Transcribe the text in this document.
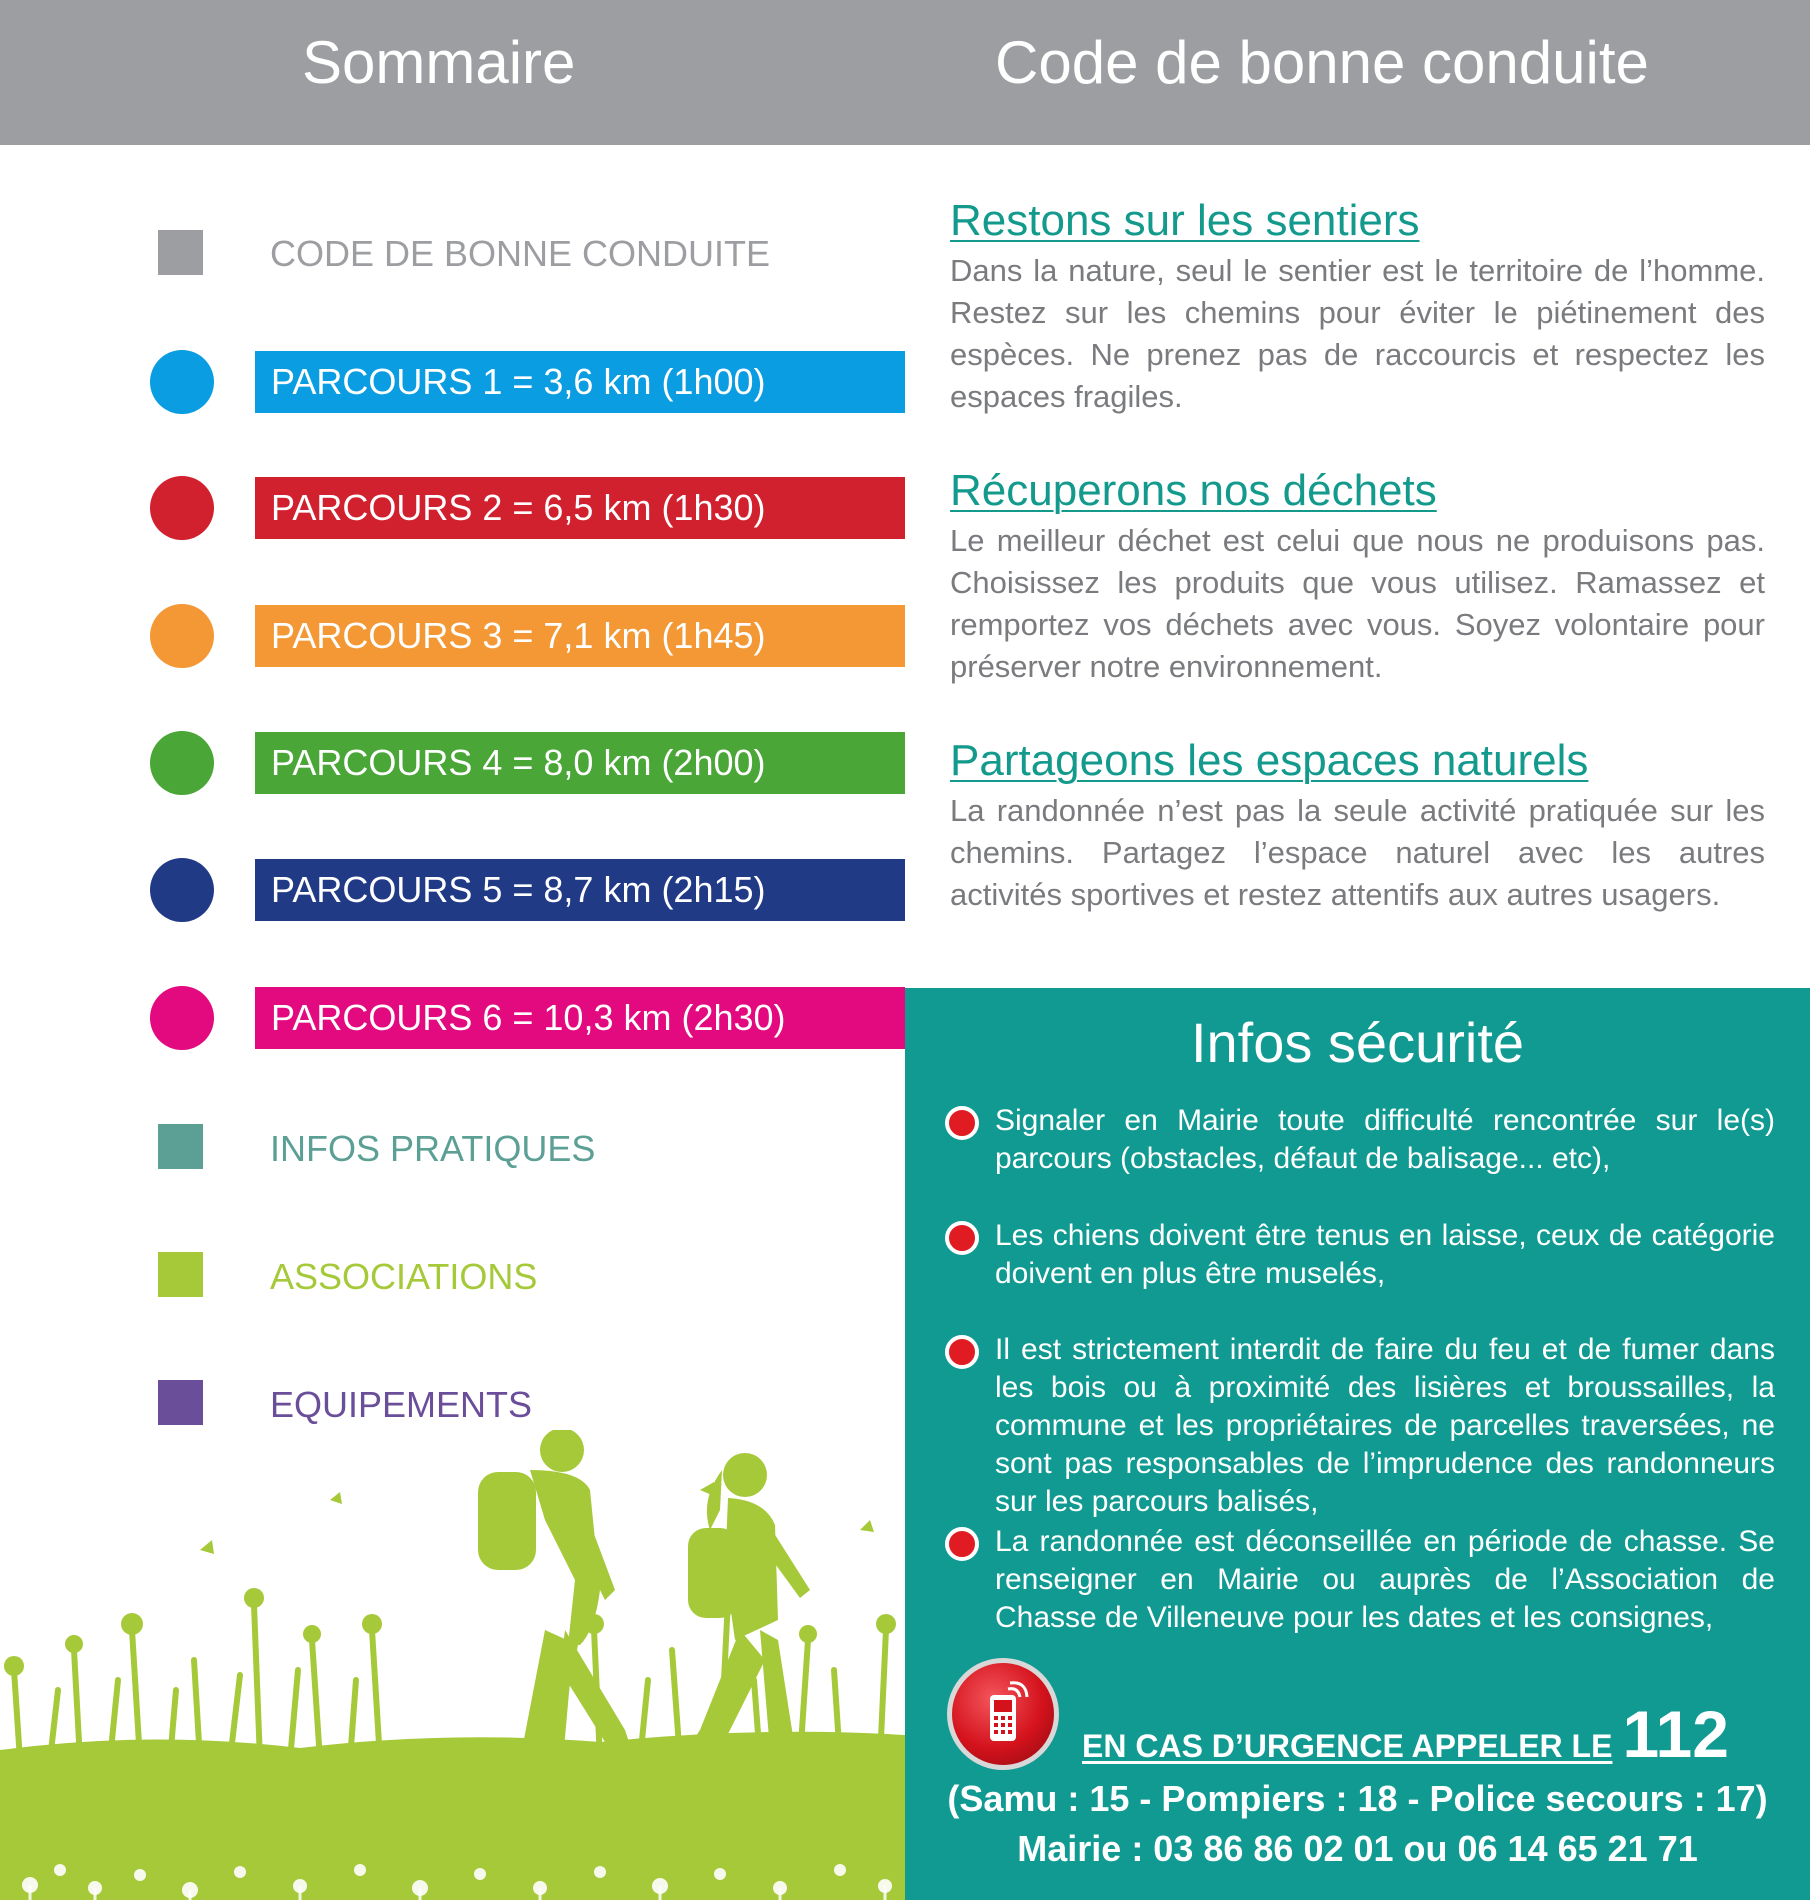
Sommaire	Code de bonne conduite
CODE DE BONNE CONDUITE
PARCOURS 1 = 3,6 km (1h00)
PARCOURS 2 = 6,5 km (1h30)
PARCOURS 3 = 7,1 km (1h45)
PARCOURS 4 = 8,0 km (2h00)
PARCOURS 5 = 8,7 km (2h15)
PARCOURS 6 = 10,3 km (2h30)
INFOS PRATIQUES
ASSOCIATIONS
EQUIPEMENTS
Restons sur les sentiers

Dans la nature, seul le sentier est le territoire de l’homme. Restez sur les chemins pour éviter le piétinement des espèces. Ne prenez pas de raccourcis et respectez les espaces fragiles.

Récuperons nos déchets

Le meilleur déchet est celui que nous ne produisons pas. Choisissez les produits que vous utilisez. Ramassez et remportez vos déchets avec vous. Soyez volontaire pour préserver notre environnement.

Partageons les espaces naturels

La randonnée n’est pas la seule activité pratiquée sur les chemins. Partagez l’espace naturel avec les autres activités sportives et restez attentifs aux autres usagers.

Infos sécurité
Signaler en Mairie toute difficulté rencontrée sur le(s) parcours (obstacles, défaut de balisage... etc),
Les chiens doivent être tenus en laisse, ceux de catégorie doivent en plus être muselés,
Il est strictement interdit de faire du feu et de fumer dans les bois ou à proximité des lisières et broussailles, la commune et les propriétaires de parcelles traversées, ne sont pas responsables de l’imprudence des randonneurs sur les parcours balisés,
La randonnée est déconseillée en période de chasse. Se renseigner en Mairie ou auprès de l’Association de Chasse de Villeneuve pour les dates et les consignes,
EN CAS D’URGENCE APPELER LE 112
(Samu : 15 - Pompiers : 18 - Police secours : 17)
Mairie : 03 86 86 02 01 ou 06 14 65 21 71
